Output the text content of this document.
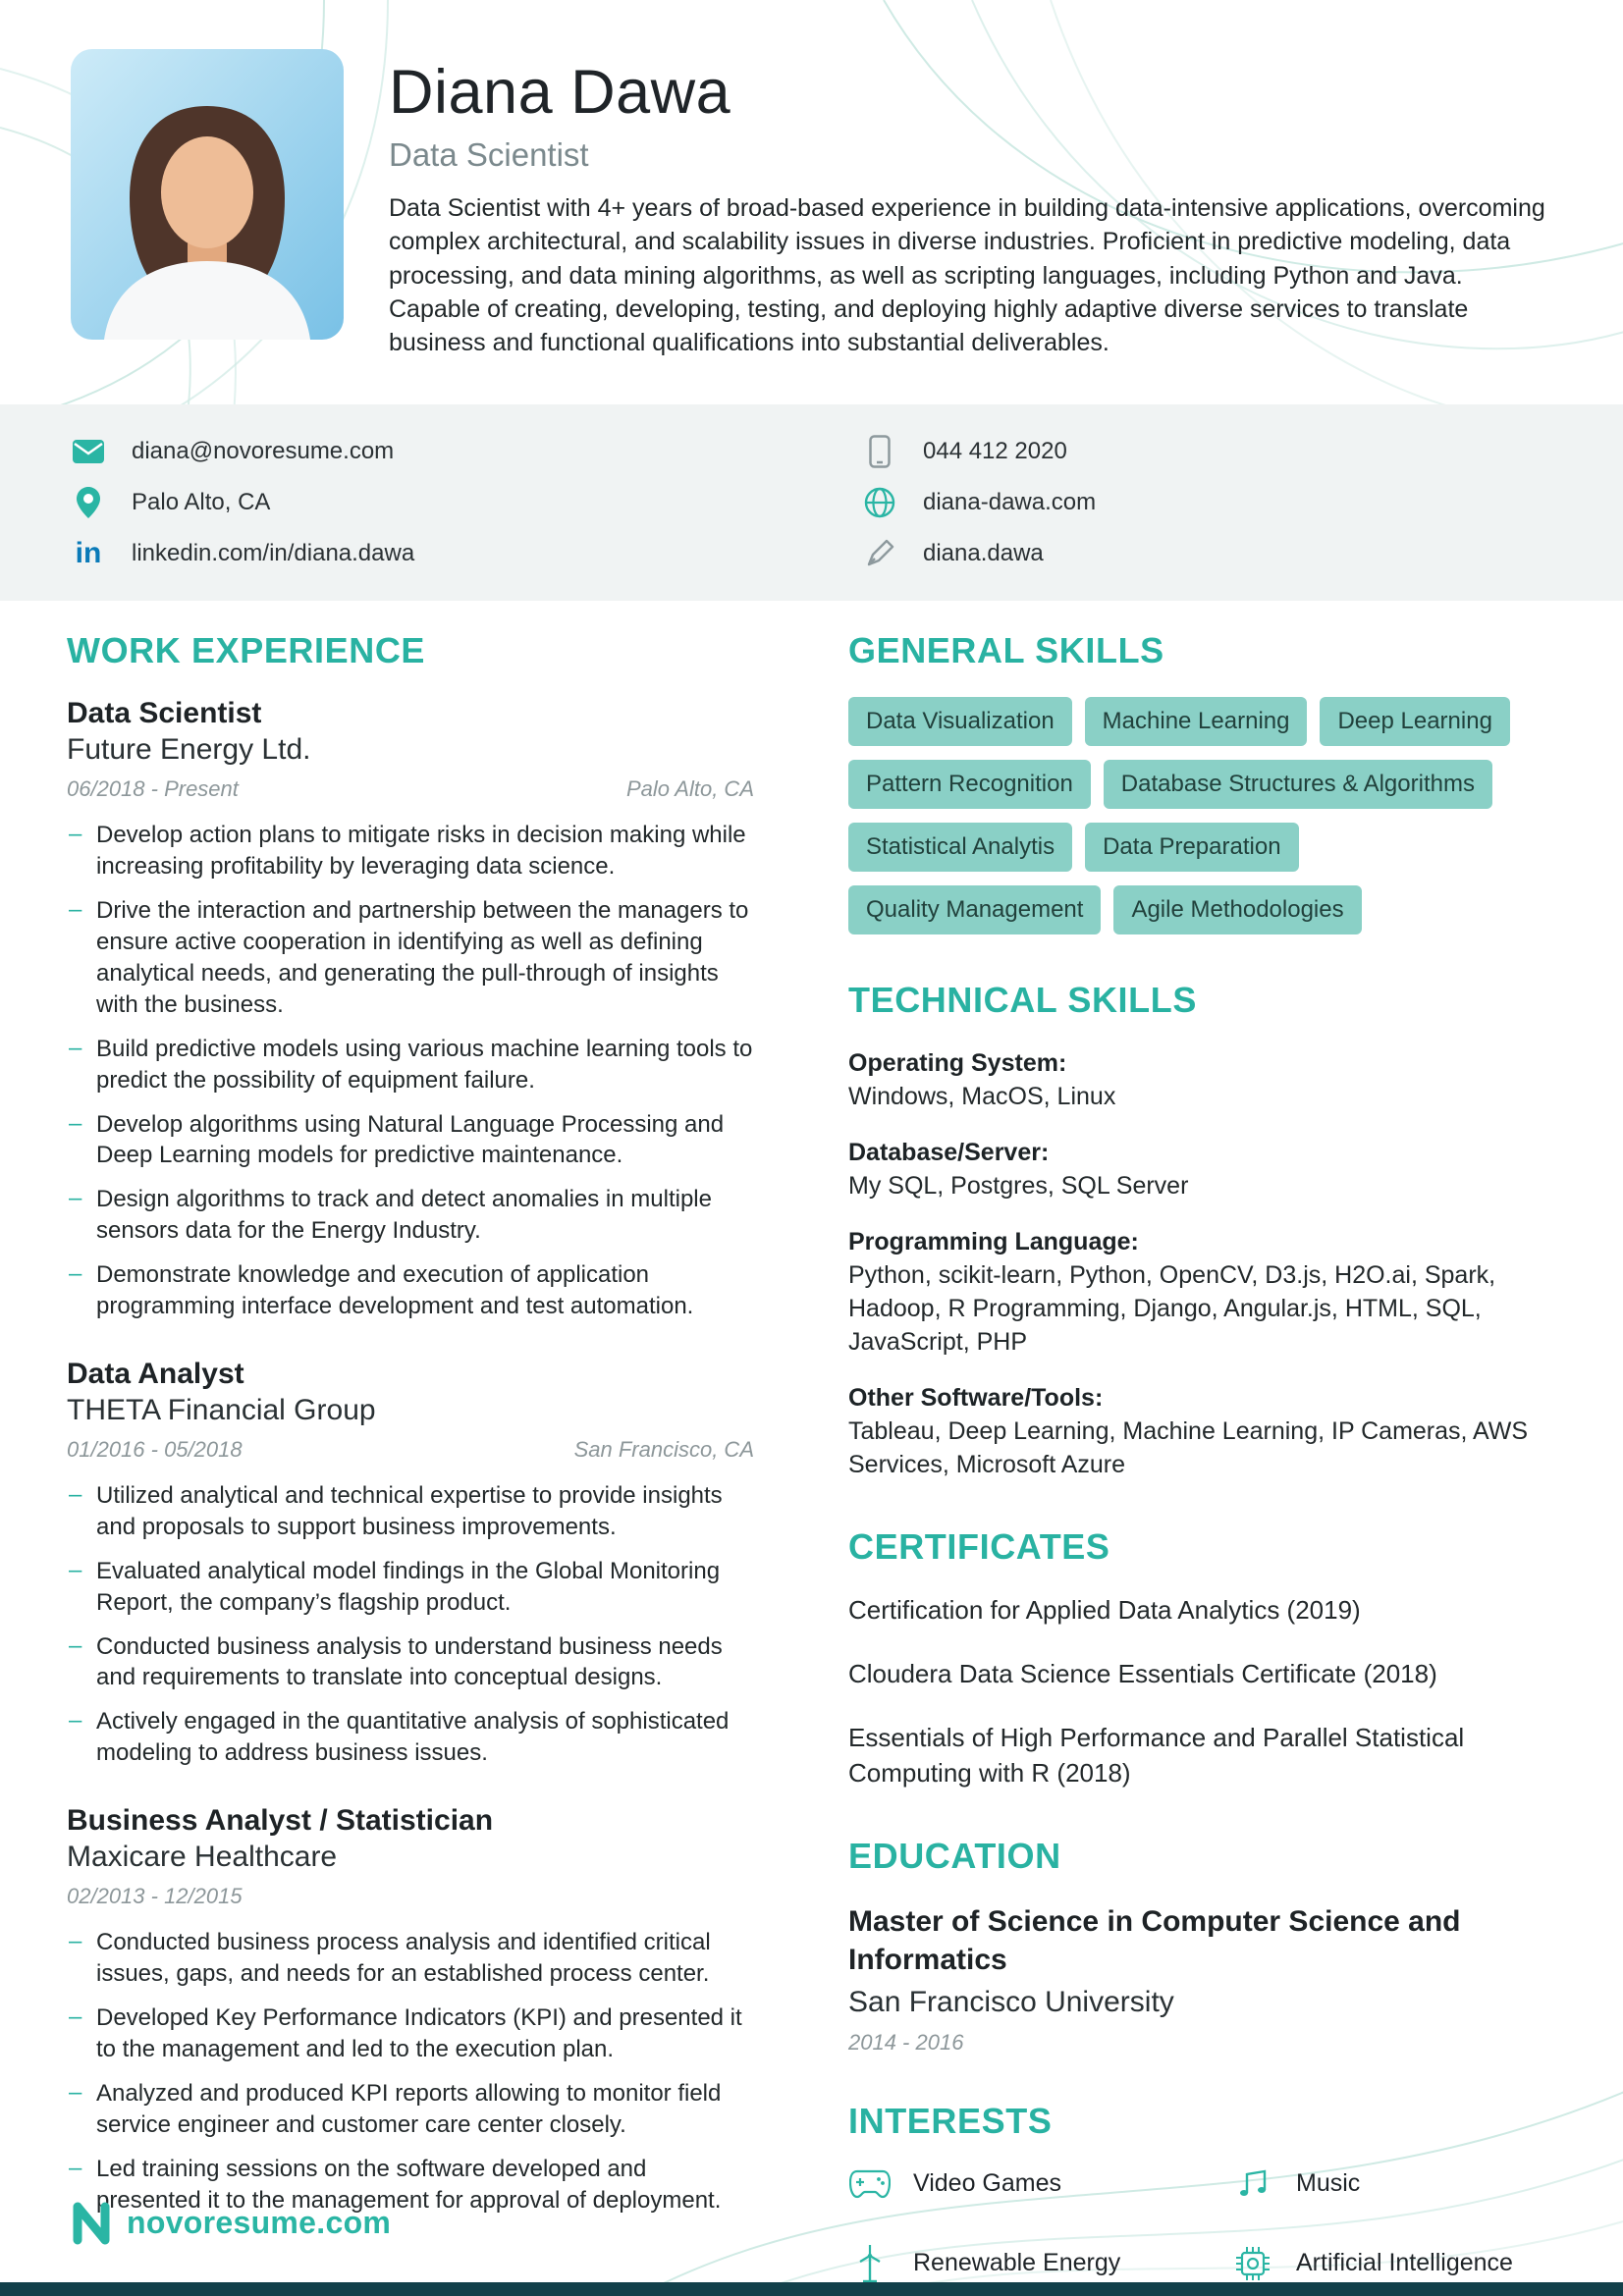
Diana Dawa
Data Scientist

Data Scientist with 4+ years of broad-based experience in building data-intensive applications, overcoming complex architectural, and scalability issues in diverse industries. Proficient in predictive modeling, data processing, and data mining algorithms, as well as scripting languages, including Python and Java. Capable of creating, developing, testing, and deploying highly adaptive diverse services to translate business and functional qualifications into substantial deliverables.

diana@novoresume.com
Palo Alto, CA
in linkedin.com/in/diana.dawa
044 412 2020
diana-dawa.com
diana.dawa
WORK EXPERIENCE
Data Scientist
Future Energy Ltd.
06/2018 - Present	Palo Alto, CA
– Develop action plans to mitigate risks in decision making while increasing profitability by leveraging data science.
– Drive the interaction and partnership between the managers to ensure active cooperation in identifying as well as defining analytical needs, and generating the pull-through of insights with the business.
– Build predictive models using various machine learning tools to predict the possibility of equipment failure.
– Develop algorithms using Natural Language Processing and Deep Learning models for predictive maintenance.
– Design algorithms to track and detect anomalies in multiple sensors data for the Energy Industry.
– Demonstrate knowledge and execution of application programming interface development and test automation.
Data Analyst
THETA Financial Group
01/2016 - 05/2018	San Francisco, CA
– Utilized analytical and technical expertise to provide insights and proposals to support business improvements.
– Evaluated analytical model findings in the Global Monitoring Report, the company’s flagship product.
– Conducted business analysis to understand business needs and requirements to translate into conceptual designs.
– Actively engaged in the quantitative analysis of sophisticated modeling to address business issues.
Business Analyst / Statistician
Maxicare Healthcare
02/2013 - 12/2015
– Conducted business process analysis and identified critical issues, gaps, and needs for an established process center.
– Developed Key Performance Indicators (KPI) and presented it to the management and led to the execution plan.
– Analyzed and produced KPI reports allowing to monitor field service engineer and customer care center closely.
– Led training sessions on the software developed and presented it to the management for approval of deployment.
GENERAL SKILLS
Data Visualization	Machine Learning	Deep Learning
Pattern Recognition	Database Structures & Algorithms
Statistical Analytis	Data Preparation
Quality Management	Agile Methodologies
TECHNICAL SKILLS
Operating System:
Windows, MacOS, Linux
Database/Server:
My SQL, Postgres, SQL Server
Programming Language:
Python, scikit-learn, Python, OpenCV, D3.js, H2O.ai, Spark, Hadoop, R Programming, Django, Angular.js, HTML, SQL, JavaScript, PHP
Other Software/Tools:
Tableau, Deep Learning, Machine Learning, IP Cameras, AWS Services, Microsoft Azure
CERTIFICATES
Certification for Applied Data Analytics (2019)
Cloudera Data Science Essentials Certificate (2018)
Essentials of High Performance and Parallel Statistical Computing with R (2018)
EDUCATION
Master of Science in Computer Science and Informatics
San Francisco University
2014 - 2016
INTERESTS
Video Games	Music
Renewable Energy	Artificial Intelligence
novoresume.com
